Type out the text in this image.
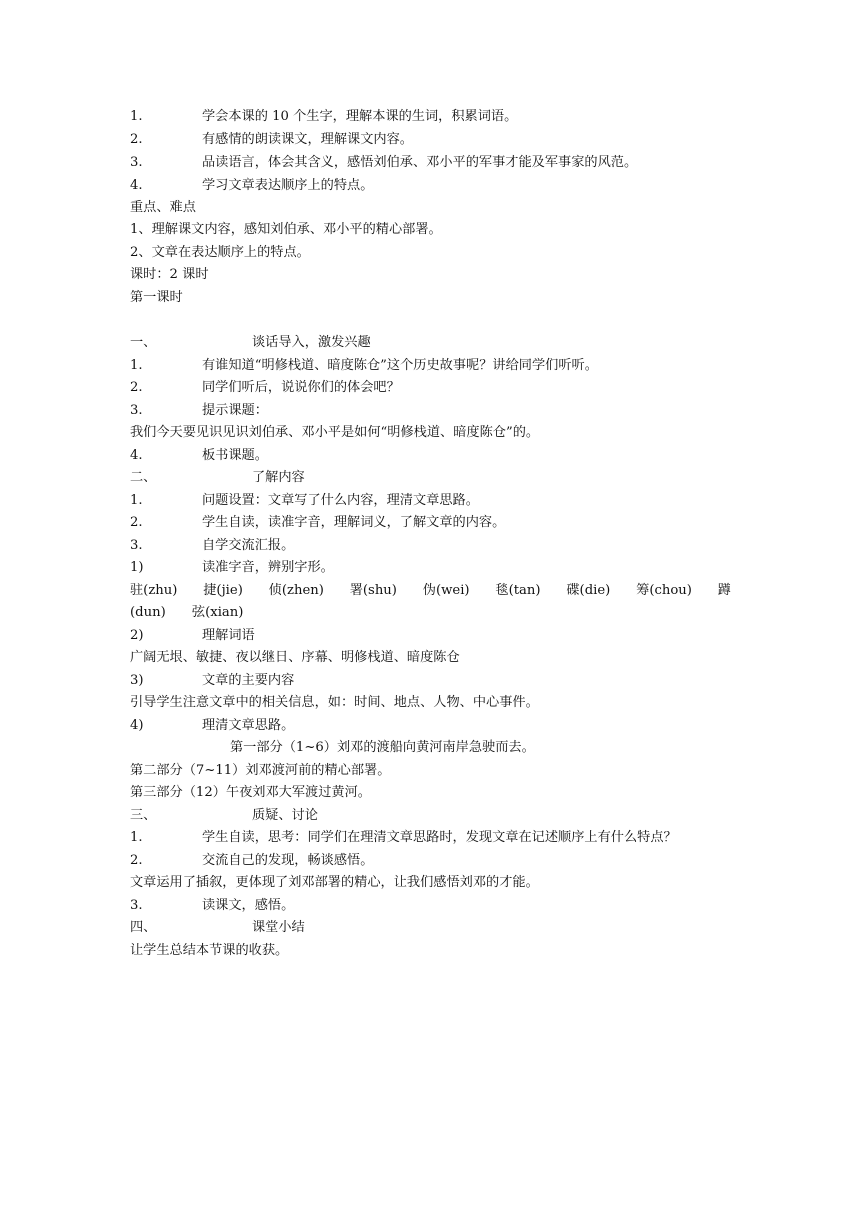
1.	学会本课的 10 个生字，理解本课的生词，积累词语。
2.	有感情的朗读课文，理解课文内容。
3.	品读语言，体会其含义，感悟刘伯承、邓小平的军事才能及军事家的风范。
4.	学习文章表达顺序上的特点。
重点、难点
1、理解课文内容，感知刘伯承、邓小平的精心部署。
2、文章在表达顺序上的特点。
课时：2 课时
第一课时
一、	谈话导入，激发兴趣
1.	有谁知道“明修栈道、暗度陈仓”这个历史故事呢？讲给同学们听听。
2.	同学们听后，说说你们的体会吧？
3.	提示课题：
我们今天要见识见识刘伯承、邓小平是如何“明修栈道、暗度陈仓”的。
4.	板书课题。
二、	了解内容
1.	问题设置：文章写了什么内容，理清文章思路。
2.	学生自读，读准字音，理解词义，了解文章的内容。
3.	自学交流汇报。
1)	读准字音，辨别字形。
驻(zhu) 捷(jie) 侦(zhen) 署(shu) 伪(wei) 毯(tan) 碟(die) 筹(chou) 蹲
(dun) 弦(xian)
2)	理解词语
广阔无垠、敏捷、夜以继日、序幕、明修栈道、暗度陈仓
3)	文章的主要内容
引导学生注意文章中的相关信息，如：时间、地点、人物、中心事件。
4)	理清文章思路。
第一部分（1~6）刘邓的渡船向黄河南岸急驶而去。
第二部分（7~11）刘邓渡河前的精心部署。
第三部分（12）午夜刘邓大军渡过黄河。
三、	质疑、讨论
1.	学生自读，思考：同学们在理清文章思路时，发现文章在记述顺序上有什么特点？
2.	交流自己的发现，畅谈感悟。
文章运用了插叙，更体现了刘邓部署的精心，让我们感悟刘邓的才能。
3.	读课文，感悟。
四、	课堂小结
让学生总结本节课的收获。
